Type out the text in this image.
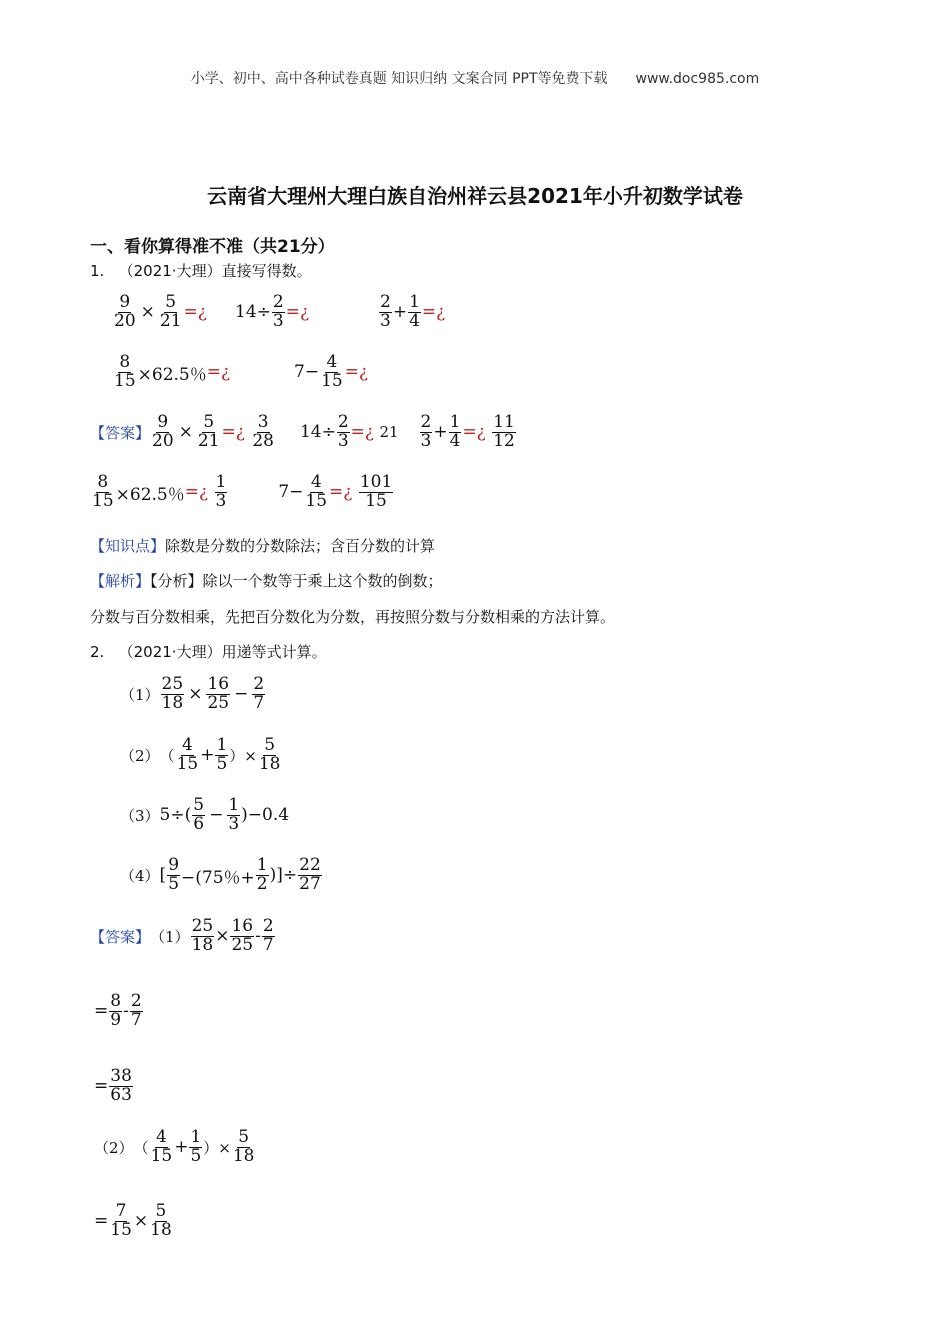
小学、初中、高中各种试卷真题 知识归纳 文案合同 PPT等免费下载 www.doc985.com
云南省大理州大理白族自治州祥云县2021年小升初数学试卷
一、看你算得准不准（共21分）
1. （2021·大理）直接写得数。
$\frac{9}{20} \times \frac{5}{21}$ =¿ $14\div \frac{2}{3}$ =¿	$\frac{2}{3} + \frac{1}{4}$ =¿
$\frac{8}{15} \times 62.5$％ =¿	$7- \frac{4}{15}$ =¿
【答案】 $\frac{9}{20} \times \frac{5}{21}$ =¿
$\frac{3}{28} 14\div \frac{2}{3}$ =¿
$21 \frac{2}{3} + \frac{1}{4}$ =¿
$\frac{11}{12}$
$\frac{8}{15} \times 62.5$％ =¿
$\frac{1}{3}$	$7- \frac{4}{15}$ =¿
$\frac{101}{15}$
【知识点】除数是分数的分数除法；含百分数的计算
【解析】【分析】除以一个数等于乘上这个数的倒数；
分数与百分数相乘，先把百分数化为分数，再按照分数与分数相乘的方法计算。
2. （2021·大理）用递等式计算。
$(1) \frac{25}{18} \times \frac{16}{25} - \frac{2}{7}$
（2） （ $\frac{4}{15} + \frac{1}{5}$ ）× $\frac{5}{18}$
（3） $5\div( \frac{5}{6} - \frac{1}{3} )-0.4$
（4） [ $\frac{9}{5} -(75$％+ $\frac{1}{2}$ )]÷ $\frac{22}{27}$
【答案】 $(1) \frac{25}{18} \times \frac{16}{25} - \frac{2}{7}$
= $\frac{8}{9} - \frac{2}{7}$
= $\frac{38}{63}$
（2） （ $\frac{4}{15} + \frac{1}{5}$ ）× $\frac{5}{18}$
= $\frac{7}{15} \times \frac{5}{18}$
